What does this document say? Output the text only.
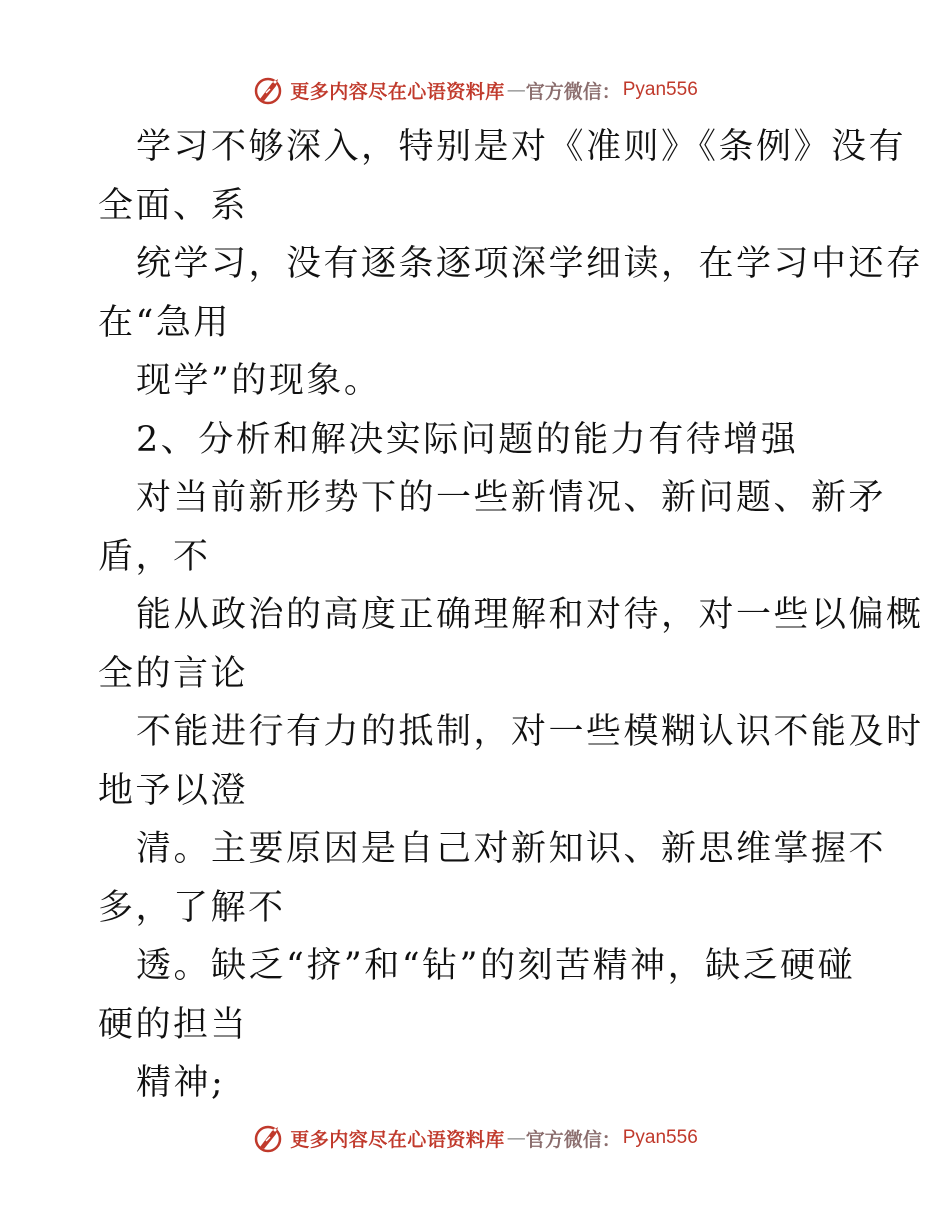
更多内容尽在心语资料库 — 官方微信： Pyan556
学习不够深入，特别是对《准则》《条例》没有
全面、系
统学习，没有逐条逐项深学细读，在学习中还存
在“急用
现学”的现象。
2、分析和解决实际问题的能力有待增强
对当前新形势下的一些新情况、新问题、新矛
盾，不
能从政治的高度正确理解和对待，对一些以偏概
全的言论
不能进行有力的抵制，对一些模糊认识不能及时
地予以澄
清。主要原因是自己对新知识、新思维掌握不
多，了解不
透。缺乏“挤”和“钻”的刻苦精神，缺乏硬碰
硬的担当
精神;
更多内容尽在心语资料库 — 官方微信： Pyan556
